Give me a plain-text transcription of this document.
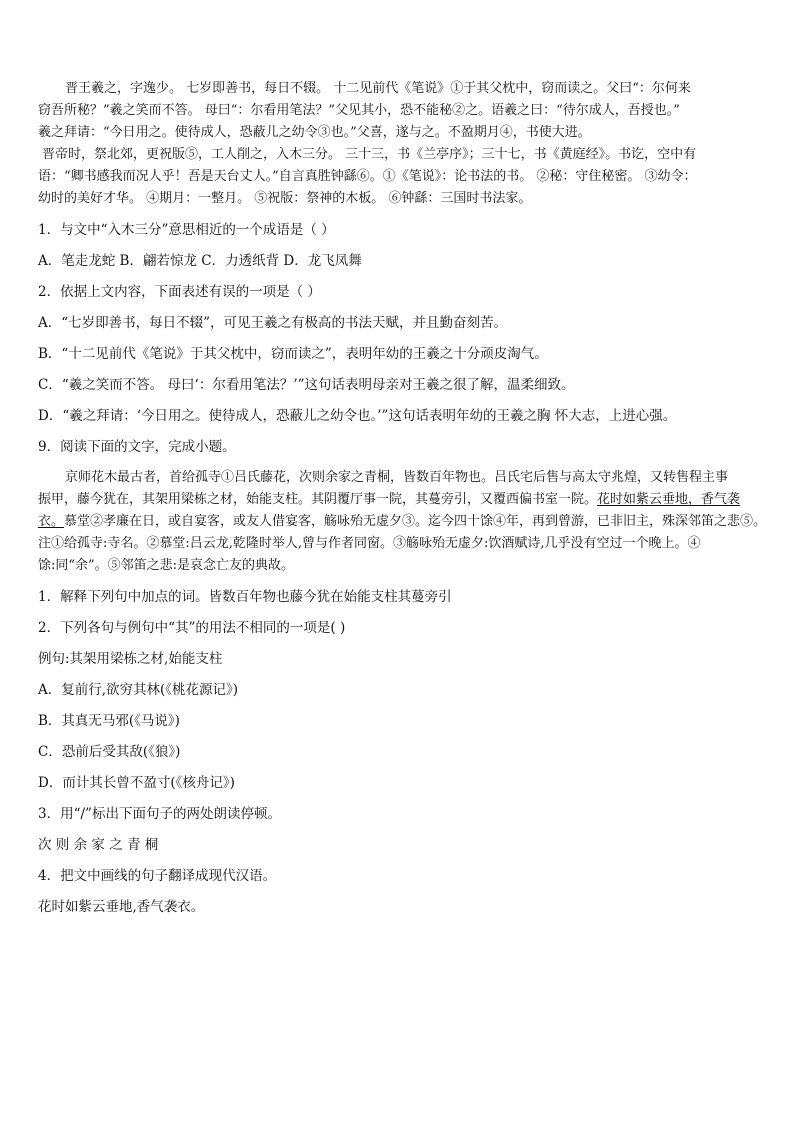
晋王羲之，字逸少。 七岁即善书，每日不辍。 十二见前代《笔说》①于其父枕中，窃而读之。父曰“：尔何来

窃吾所秘？”羲之笑而不答。 母曰“：尔看用笔法？”父见其小，恐不能秘②之。语羲之曰：“待尔成人，吾授也。”

羲之拜请：“今日用之。使待成人，恐蔽儿之幼令③也。”父喜，遂与之。不盈期月④，书使大进。

晋帝时，祭北郊，更祝版⑤，工人削之，入木三分。 三十三，书《兰亭序》；三十七，书《黄庭经》。书讫，空中有

语：“卿书感我而况人乎！吾是天台丈人。”自言真胜钟繇⑥。①《笔说》：论书法的书。 ②秘：守住秘密。 ③幼令：

幼时的美好才华。 ④期月：一整月。 ⑤祝版：祭神的木板。 ⑥钟繇：三国时书法家。

1．与文中“入木三分”意思相近的一个成语是（ ）

A．笔走龙蛇 B．翩若惊龙 C．力透纸背 D．龙飞凤舞

2．依据上文内容，下面表述有误的一项是（ ）

A．“七岁即善书，每日不辍”，可见王羲之有极高的书法天赋，并且勤奋刻苦。

B．“十二见前代《笔说》于其父枕中，窃而读之”，表明年幼的王羲之十分顽皮淘气。

C．“羲之笑而不答。 母曰‘：尔看用笔法？’”这句话表明母亲对王羲之很了解，温柔细致。

D．“羲之拜请：‘今日用之。使待成人，恐蔽儿之幼令也。’”这句话表明年幼的王羲之胸 怀大志，上进心强。

9．阅读下面的文字，完成小题。

京师花木最古者，首给孤寺①吕氏藤花，次则余家之青桐，皆数百年物也。吕氏宅后售与高太守兆煌，又转售程主事

振甲，藤今犹在，其架用梁栋之材，始能支柱。其阴覆厅事一院，其蔓旁引，又覆西偏书室一院。花时如紫云垂地，香气袭

衣。慕堂②孝廉在日，或自宴客，或友人借宴客，觞咏殆无虚夕③。迄今四十馀④年，再到曾游，已非旧主，殊深邻笛之悲⑤。

注①给孤寺:寺名。②慕堂:吕云龙,乾隆时举人,曾与作者同窗。③觞咏殆无虚夕:饮酒赋诗,几乎没有空过一个晚上。④

馀:同“余”。⑤邻笛之悲:是哀念亡友的典故。

1．解释下列句中加点的词。皆数百年物也藤今犹在始能支柱其蔓旁引

2．下列各句与例句中“其”的用法不相同的一项是( )

例句:其架用梁栋之材,始能支柱

A．复前行,欲穷其林(《桃花源记》)

B．其真无马邪(《马说》)

C．恐前后受其敌(《狼》)

D．而计其长曾不盈寸(《核舟记》)

3．用“/”标出下面句子的两处朗读停顿。

次 则 余 家 之 青 桐

4．把文中画线的句子翻译成现代汉语。

花时如紫云垂地,香气袭衣。
